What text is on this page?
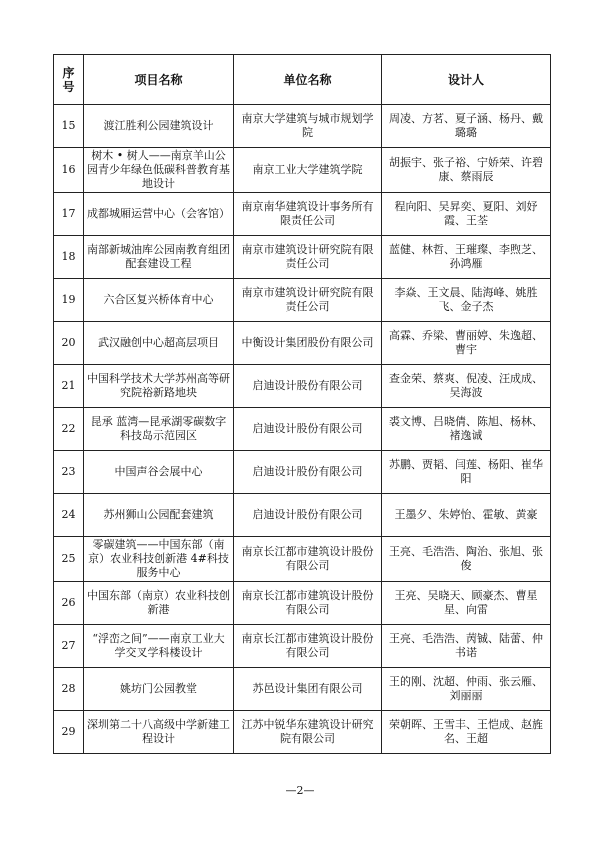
序号	项目名称	单位名称	设计人
15	渡江胜利公园建筑设计	南京大学建筑与城市规划学院	周凌、方茗、夏子涵、杨丹、戴璐璐
16	树木 • 树人——南京羊山公园青少年绿色低碳科普教育基地设计	南京工业大学建筑学院	胡振宇、张子裕、宁娇荣、许碧康、蔡雨辰
17	成都城厢运营中心（会客馆）	南京南华建筑设计事务所有限责任公司	程向阳、吴昇奕、夏阳、刘妤霞、王荃
18	南部新城油库公园南教育组团配套建设工程	南京市建筑设计研究院有限责任公司	蓝健、林哲、王璀璨、李煦芝、孙鸿雁
19	六合区复兴桥体育中心	南京市建筑设计研究院有限责任公司	李焱、王文晨、陆海峰、姚胜飞、金子杰
20	武汉融创中心超高层项目	中衡设计集团股份有限公司	高霖、乔梁、曹丽婷、朱逸超、曹宇
21	中国科学技术大学苏州高等研究院裕新路地块	启迪设计股份有限公司	查金荣、蔡爽、倪凌、汪成成、吴海波
22	昆承 蓝湾—昆承湖零碳数字科技岛示范园区	启迪设计股份有限公司	裘文博、吕晓倩、陈旭、杨林、褚逸诚
23	中国声谷会展中心	启迪设计股份有限公司	苏鹏、贾韬、闫莲、杨阳、崔华阳
24	苏州狮山公园配套建筑	启迪设计股份有限公司	王墨夕、朱婷怡、霍敏、黄豪
25	零碳建筑——中国东部（南京）农业科技创新港 4#科技服务中心	南京长江都市建筑设计股份有限公司	王亮、毛浩浩、陶治、张旭、张俊
26	中国东部（南京）农业科技创新港	南京长江都市建筑设计股份有限公司	王亮、吴晓天、顾豪杰、曹星星、向雷
27	“浮峦之间”——南京工业大学交叉学科楼设计	南京长江都市建筑设计股份有限公司	王亮、毛浩浩、苪铖、陆蕾、仲书诺
28	姚坊门公园教堂	苏邑设计集团有限公司	王的刚、沈超、仲雨、张云雁、刘丽丽
29	深圳第二十八高级中学新建工程设计	江苏中锐华东建筑设计研究院有限公司	荣朝晖、王雪丰、王恺成、赵旌名、王超
—2—
